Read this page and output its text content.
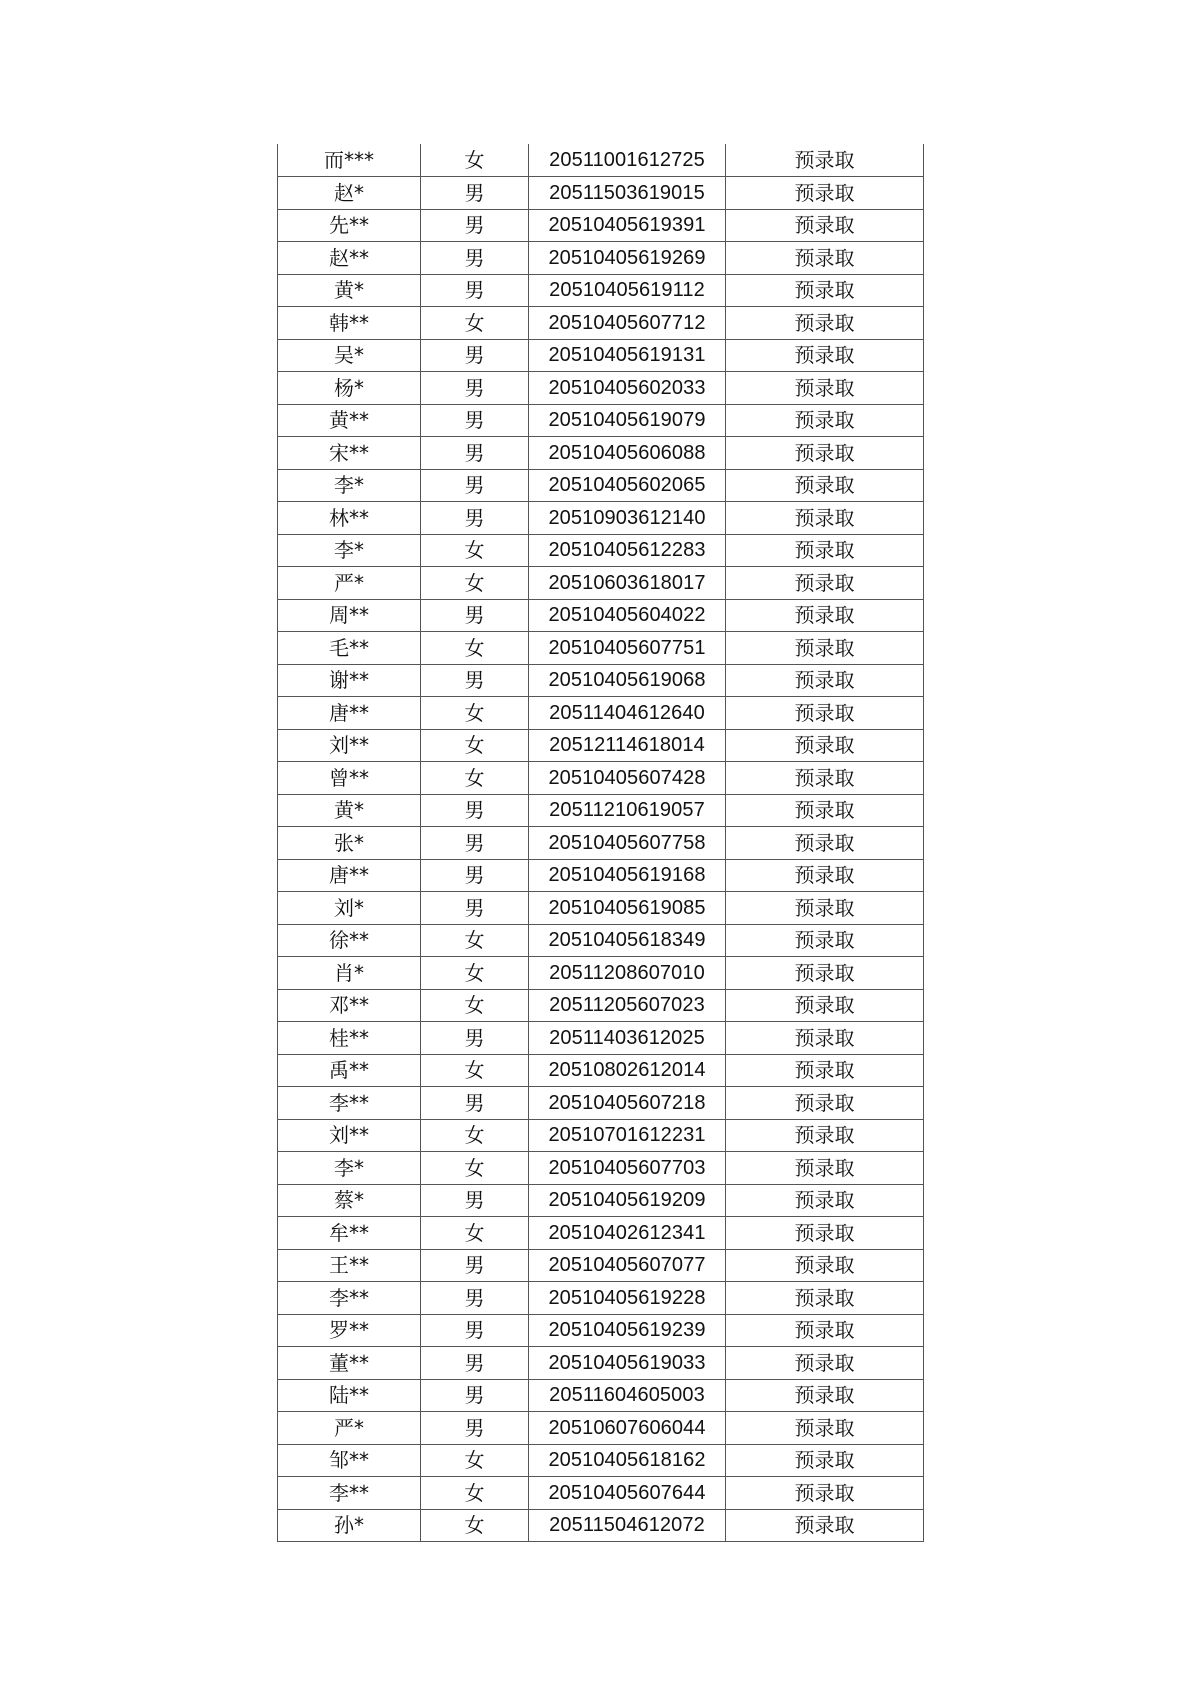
而***	女	20511001612725	预录取
赵*	男	20511503619015	预录取
先**	男	20510405619391	预录取
赵**	男	20510405619269	预录取
黄*	男	20510405619112	预录取
韩**	女	20510405607712	预录取
吴*	男	20510405619131	预录取
杨*	男	20510405602033	预录取
黄**	男	20510405619079	预录取
宋**	男	20510405606088	预录取
李*	男	20510405602065	预录取
林**	男	20510903612140	预录取
李*	女	20510405612283	预录取
严*	女	20510603618017	预录取
周**	男	20510405604022	预录取
毛**	女	20510405607751	预录取
谢**	男	20510405619068	预录取
唐**	女	20511404612640	预录取
刘**	女	20512114618014	预录取
曾**	女	20510405607428	预录取
黄*	男	20511210619057	预录取
张*	男	20510405607758	预录取
唐**	男	20510405619168	预录取
刘*	男	20510405619085	预录取
徐**	女	20510405618349	预录取
肖*	女	20511208607010	预录取
邓**	女	20511205607023	预录取
桂**	男	20511403612025	预录取
禹**	女	20510802612014	预录取
李**	男	20510405607218	预录取
刘**	女	20510701612231	预录取
李*	女	20510405607703	预录取
蔡*	男	20510405619209	预录取
牟**	女	20510402612341	预录取
王**	男	20510405607077	预录取
李**	男	20510405619228	预录取
罗**	男	20510405619239	预录取
董**	男	20510405619033	预录取
陆**	男	20511604605003	预录取
严*	男	20510607606044	预录取
邹**	女	20510405618162	预录取
李**	女	20510405607644	预录取
孙*	女	20511504612072	预录取
